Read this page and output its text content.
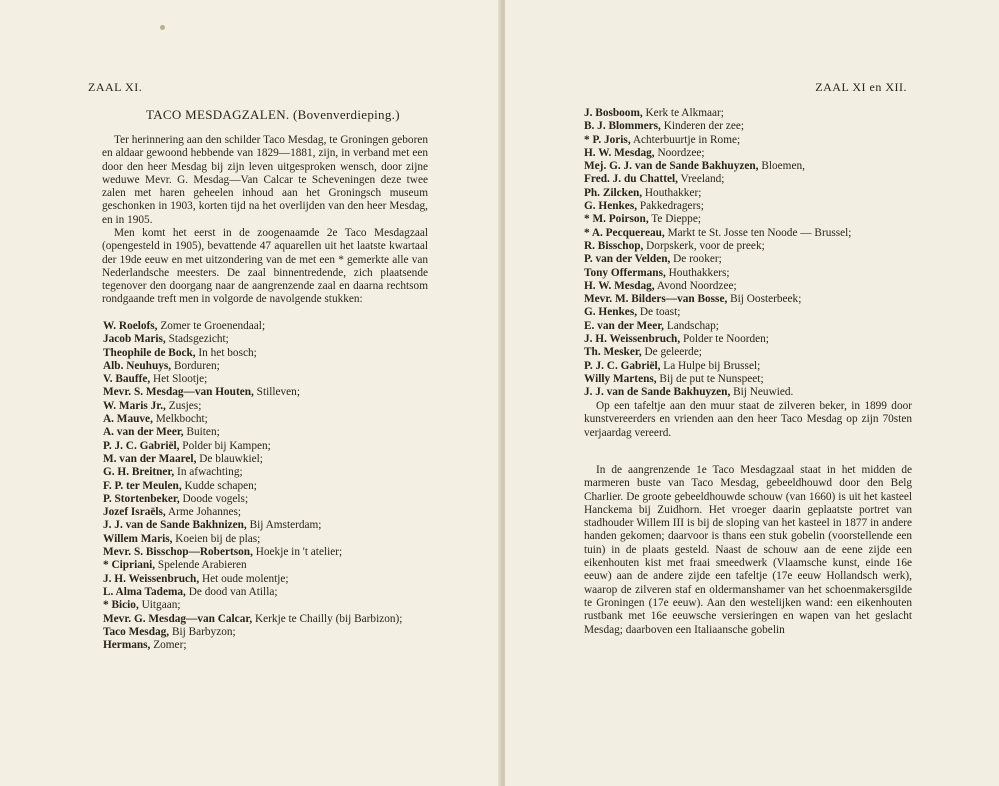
ZAAL XI.
TACO MESDAGZALEN. (Bovenverdieping.)

Ter herinnering aan den schilder Taco Mesdag, te Groningen geboren en aldaar gewoond hebbende van 1829—1881, zijn, in verband met een door den heer Mesdag bij zijn leven uitgesproken wensch, door zijne weduwe Mevr. G. Mesdag—Van Calcar te Scheveningen deze twee zalen met haren geheelen inhoud aan het Groningsch museum geschonken in 1903, korten tijd na het overlijden van den heer Mesdag, en in 1905.

Men komt het eerst in de zoogenaamde 2e Taco Mesdagzaal (opengesteld in 1905), bevattende 47 aquarellen uit het laatste kwartaal der 19de eeuw en met uitzondering van de met een * gemerkte alle van Nederlandsche meesters. De zaal binnentredende, zich plaatsende tegenover den doorgang naar de aangrenzende zaal en daarna rechtsom rondgaande treft men in volgorde de navolgende stukken:

W. Roelofs, Zomer te Groenendaal;
Jacob Maris, Stadsgezicht;
Theophile de Bock, In het bosch;
Alb. Neuhuys, Borduren;
V. Bauffe, Het Slootje;
Mevr. S. Mesdag—van Houten, Stilleven;
W. Maris Jr., Zusjes;
A. Mauve, Melkbocht;
A. van der Meer, Buiten;
P. J. C. Gabriël, Polder bij Kampen;
M. van der Maarel, De blauwkiel;
G. H. Breitner, In afwachting;
F. P. ter Meulen, Kudde schapen;
P. Stortenbeker, Doode vogels;
Jozef Israëls, Arme Johannes;
J. J. van de Sande Bakhnizen, Bij Amsterdam;
Willem Maris, Koeien bij de plas;
Mevr. S. Bisschop—Robertson, Hoekje in 't atelier;
* Cipriani, Spelende Arabieren
J. H. Weissenbruch, Het oude molentje;
L. Alma Tadema, De dood van Atilla;
* Bicio, Uitgaan;
Mevr. G. Mesdag—van Calcar, Kerkje te Chailly (bij Barbizon);
Taco Mesdag, Bij Barbyzon;
Hermans, Zomer;
ZAAL XI en XII.
J. Bosboom, Kerk te Alkmaar;
B. J. Blommers, Kinderen der zee;
* P. Joris, Achterbuurtje in Rome;
H. W. Mesdag, Noordzee;
Mej. G. J. van de Sande Bakhuyzen, Bloemen,
Fred. J. du Chattel, Vreeland;
Ph. Zilcken, Houthakker;
G. Henkes, Pakkedragers;
* M. Poirson, Te Dieppe;
* A. Pecquereau, Markt te St. Josse ten Noode — Brussel;
R. Bisschop, Dorpskerk, voor de preek;
P. van der Velden, De rooker;
Tony Offermans, Houthakkers;
H. W. Mesdag, Avond Noordzee;
Mevr. M. Bilders—van Bosse, Bij Oosterbeek;
G. Henkes, De toast;
E. van der Meer, Landschap;
J. H. Weissenbruch, Polder te Noorden;
Th. Mesker, De geleerde;
P. J. C. Gabriël, La Hulpe bij Brussel;
Willy Martens, Bij de put te Nunspeet;
J. J. van de Sande Bakhuyzen, Bij Neuwied.

Op een tafeltje aan den muur staat de zilveren beker, in 1899 door kunstvereerders en vrienden aan den heer Taco Mesdag op zijn 70sten verjaardag vereerd.

In de aangrenzende 1e Taco Mesdagzaal staat in het midden de marmeren buste van Taco Mesdag, gebeeldhouwd door den Belg Charlier. De groote gebeeldhouwde schouw (van 1660) is uit het kasteel Hanckema bij Zuidhorn. Het vroeger daarin geplaatste portret van stadhouder Willem III is bij de sloping van het kasteel in 1877 in andere handen gekomen; daarvoor is thans een stuk gobelin (voorstellende een tuin) in de plaats gesteld. Naast de schouw aan de eene zijde een eikenhouten kist met fraai smeedwerk (Vlaamsche kunst, einde 16e eeuw) aan de andere zijde een tafeltje (17e eeuw Hollandsch werk), waarop de zilveren staf en oldermanshamer van het schoenmakersgilde te Groningen (17e eeuw). Aan den westelijken wand: een eikenhouten rustbank met 16e eeuwsche versieringen en wapen van het geslacht Mesdag; daarboven een Italiaansche gobelin
